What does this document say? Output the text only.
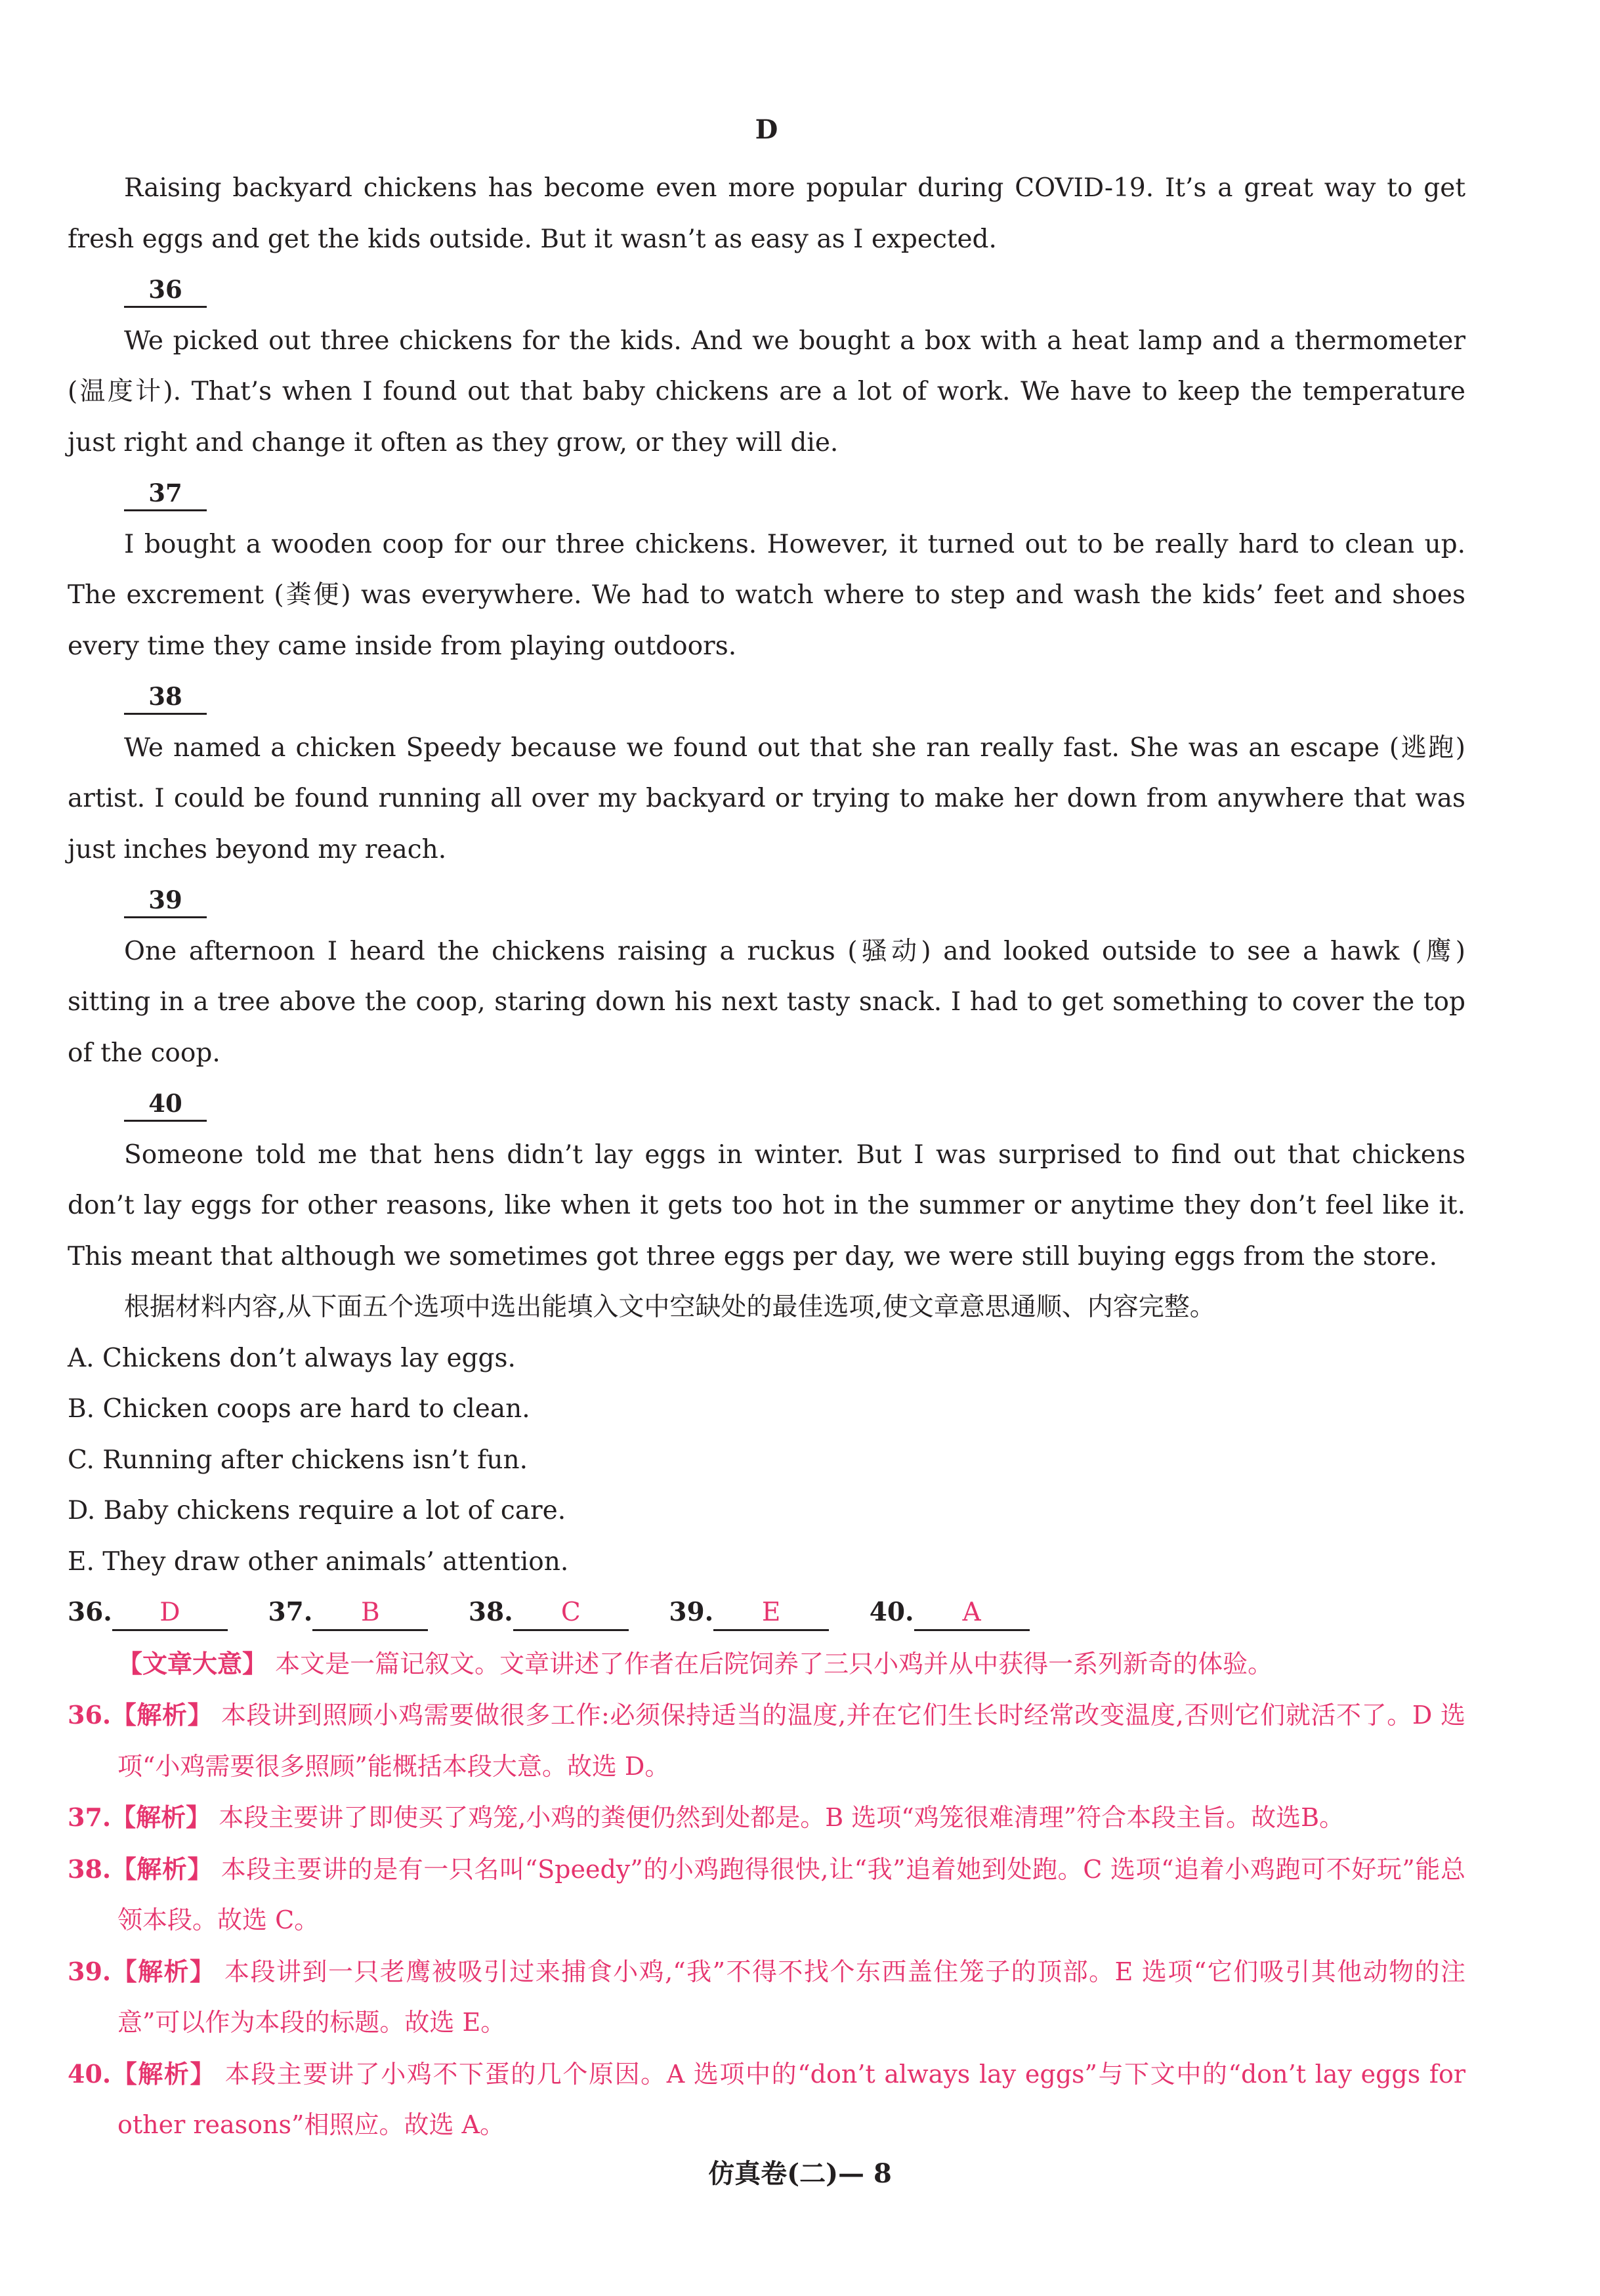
D

Raising backyard chickens has become even more popular during COVID-19. It’s a great way to get fresh eggs and get the kids outside. But it wasn’t as easy as I expected.

36

We picked out three chickens for the kids. And we bought a box with a heat lamp and a thermometer (温度计). That’s when I found out that baby chickens are a lot of work. We have to keep the temperature just right and change it often as they grow, or they will die.

37

I bought a wooden coop for our three chickens. However, it turned out to be really hard to clean up. The excrement (粪便) was everywhere. We had to watch where to step and wash the kids’ feet and shoes every time they came inside from playing outdoors.

38

We named a chicken Speedy because we found out that she ran really fast. She was an escape (逃跑) artist. I could be found running all over my backyard or trying to make her down from anywhere that was just inches beyond my reach.

39

One afternoon I heard the chickens raising a ruckus (骚动) and looked outside to see a hawk (鹰) sitting in a tree above the coop, staring down his next tasty snack. I had to get something to cover the top of the coop.

40

Someone told me that hens didn’t lay eggs in winter. But I was surprised to find out that chickens don’t lay eggs for other reasons, like when it gets too hot in the summer or anytime they don’t feel like it. This meant that although we sometimes got three eggs per day, we were still buying eggs from the store.

根据材料内容,从下面五个选项中选出能填入文中空缺处的最佳选项,使文章意思通顺、内容完整。

A. Chickens don’t always lay eggs.

B. Chicken coops are hard to clean.

C. Running after chickens isn’t fun.

D. Baby chickens require a lot of care.

E. They draw other animals’ attention.

36. D	37. B	38. C	39. E	40. A

【文章大意】 本文是一篇记叙文。文章讲述了作者在后院饲养了三只小鸡并从中获得一系列新奇的体验。

36.【解析】 本段讲到照顾小鸡需要做很多工作:必须保持适当的温度,并在它们生长时经常改变温度,否则它们就活不了。D 选项“小鸡需要很多照顾”能概括本段大意。故选 D。

37.【解析】 本段主要讲了即使买了鸡笼,小鸡的粪便仍然到处都是。B 选项“鸡笼很难清理”符合本段主旨。故选B。

38.【解析】 本段主要讲的是有一只名叫“Speedy”的小鸡跑得很快,让“我”追着她到处跑。C 选项“追着小鸡跑可不好玩”能总领本段。故选 C。

39.【解析】 本段讲到一只老鹰被吸引过来捕食小鸡,“我”不得不找个东西盖住笼子的顶部。E 选项“它们吸引其他动物的注意”可以作为本段的标题。故选 E。

40.【解析】 本段主要讲了小鸡不下蛋的几个原因。A 选项中的“don’t always lay eggs”与下文中的“don’t lay eggs for other reasons”相照应。故选 A。

仿真卷(二)— 8
